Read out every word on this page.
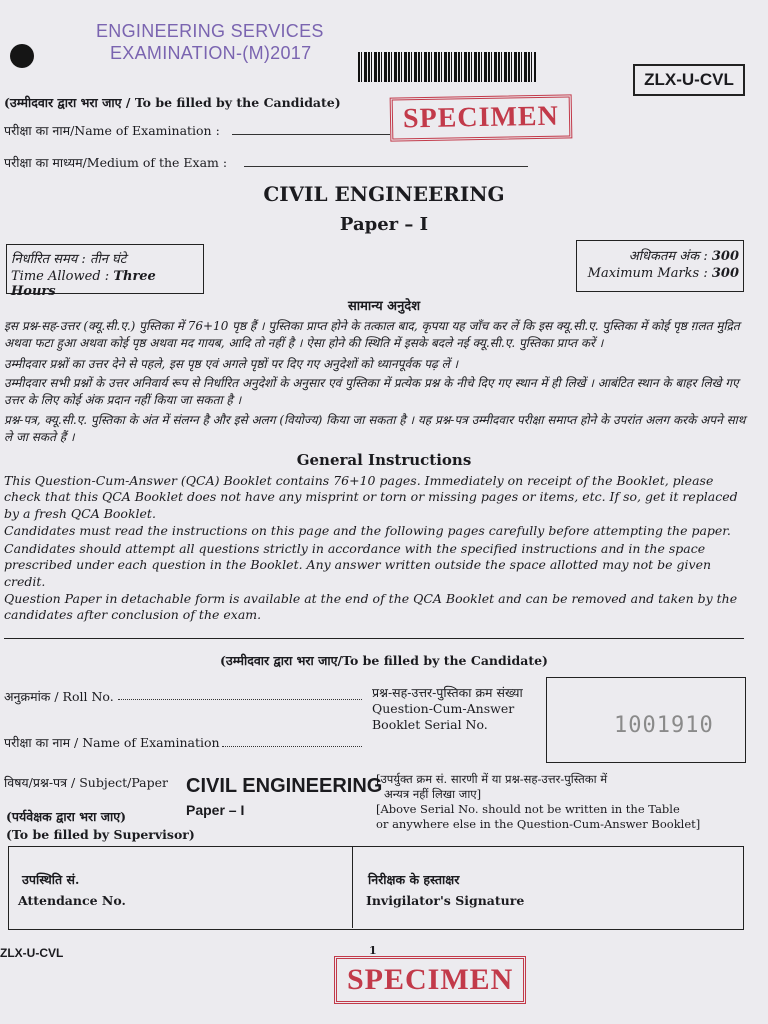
ENGINEERING SERVICES
EXAMINATION-(M)2017
ZLX-U-CVL
(उम्मीदवार द्वारा भरा जाए / To be filled by the Candidate)	SPECIMEN
परीक्षा का नाम/Name of Examination :
परीक्षा का माध्यम/Medium of the Exam :
CIVIL ENGINEERING
Paper – I
निर्धारित समय : तीन घंटे
Time Allowed : Three Hours
अधिकतम अंक : 300
Maximum Marks : 300
सामान्य अनुदेश
इस प्रश्न-सह-उत्तर (क्यू.सी.ए.) पुस्तिका में 76+10 पृष्ठ हैं । पुस्तिका प्राप्त होने के तत्काल बाद, कृपया यह जाँच कर लें कि इस क्यू.सी.ए. पुस्तिका में कोई पृष्ठ ग़लत मुद्रित अथवा फटा हुआ अथवा कोई पृष्ठ अथवा मद गायब, आदि तो नहीं है । ऐसा होने की स्थिति में इसके बदले नई क्यू.सी.ए. पुस्तिका प्राप्त करें ।
उम्मीदवार प्रश्नों का उत्तर देने से पहले, इस पृष्ठ एवं अगले पृष्ठों पर दिए गए अनुदेशों को ध्यानपूर्वक पढ़ लें ।
उम्मीदवार सभी प्रश्नों के उत्तर अनिवार्य रूप से निर्धारित अनुदेशों के अनुसार एवं पुस्तिका में प्रत्येक प्रश्न के नीचे दिए गए स्थान में ही लिखें । आबंटित स्थान के बाहर लिखे गए उत्तर के लिए कोई अंक प्रदान नहीं किया जा सकता है ।
प्रश्न-पत्र, क्यू.सी.ए. पुस्तिका के अंत में संलग्न है और इसे अलग (वियोज्य) किया जा सकता है । यह प्रश्न-पत्र उम्मीदवार परीक्षा समाप्त होने के उपरांत अलग करके अपने साथ ले जा सकते हैं ।
General Instructions
This Question-Cum-Answer (QCA) Booklet contains 76+10 pages. Immediately on receipt of the Booklet, please check that this QCA Booklet does not have any misprint or torn or missing pages or items, etc. If so, get it replaced by a fresh QCA Booklet.
Candidates must read the instructions on this page and the following pages carefully before attempting the paper.
Candidates should attempt all questions strictly in accordance with the specified instructions and in the space prescribed under each question in the Booklet. Any answer written outside the space allotted may not be given credit.
Question Paper in detachable form is available at the end of the QCA Booklet and can be removed and taken by the candidates after conclusion of the exam.
(उम्मीदवार द्वारा भरा जाए/To be filled by the Candidate)
अनुक्रमांक / Roll No.	प्रश्न-सह-उत्तर-पुस्तिका क्रम संख्या
Question-Cum-Answer
Booklet Serial No.	1001910
परीक्षा का नाम / Name of Examination
विषय/प्रश्न-पत्र / Subject/Paper CIVIL ENGINEERING
Paper – I
[उपर्युक्त क्रम सं. सारणी में या प्रश्न-सह-उत्तर-पुस्तिका में
अन्यत्र नहीं लिखा जाए]
[Above Serial No. should not be written in the Table
or anywhere else in the Question-Cum-Answer Booklet]
(पर्यवेक्षक द्वारा भरा जाए)
(To be filled by Supervisor)
उपस्थिति सं.
Attendance No.
निरीक्षक के हस्ताक्षर
Invigilator's Signature
ZLX-U-CVL	1
SPECIMEN
